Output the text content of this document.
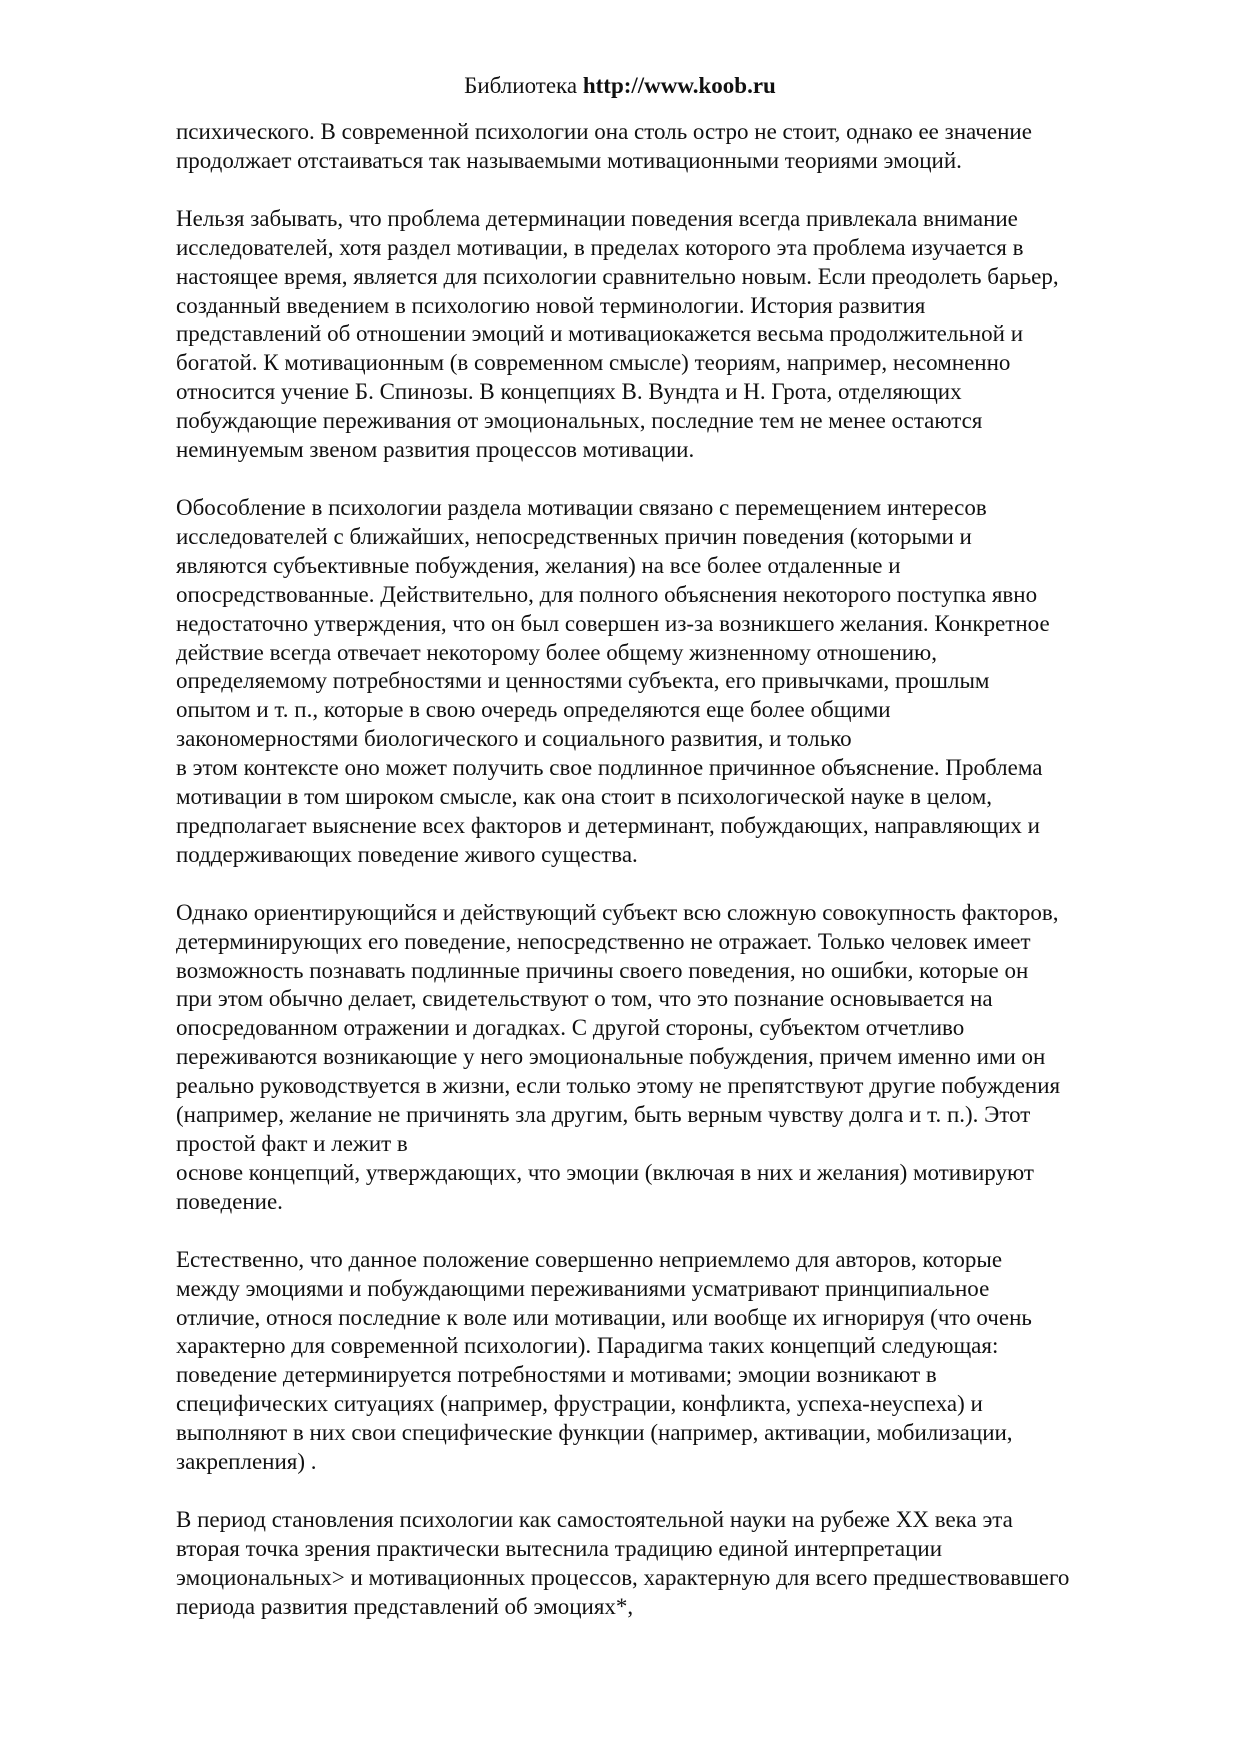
Библиотека http://www.koob.ru
психического. В современной психологии она столь остро не стоит, однако ее значение
продолжает отстаиваться так называемыми мотивационными теориями эмоций.
Нельзя забывать, что проблема детерминации поведения всегда привлекала внимание
исследователей, хотя раздел мотивации, в пределах которого эта проблема изучается в
настоящее время, является для психологии сравнительно новым. Если преодолеть барьер,
созданный введением в психологию новой терминологии. История развития
представлений об отношении эмоций и мотивациокажется весьма продолжительной и
богатой. К мотивационным (в современном смысле) теориям, например, несомненно
относится учение Б. Спинозы. В концепциях В. Вундта и Н. Грота, отделяющих
побуждающие переживания от эмоциональных, последние тем не менее остаются
неминуемым звеном развития процессов мотивации.
Обособление в психологии раздела мотивации связано с перемещением интересов
исследователей с ближайших, непосредственных причин поведения (которыми и
являются субъективные побуждения, желания) на все более отдаленные и
опосредствованные. Действительно, для полного объяснения некоторого поступка явно
недостаточно утверждения, что он был совершен из-за возникшего желания. Конкретное
действие всегда отвечает некоторому более общему жизненному отношению,
определяемому потребностями и ценностями субъекта, его привычками, прошлым
опытом и т. п., которые в свою очередь определяются еще более общими
закономерностями биологического и социального развития, и только
в этом контексте оно может получить свое подлинное причинное объяснение. Проблема
мотивации в том широком смысле, как она стоит в психологической науке в целом,
предполагает выяснение всех факторов и детерминант, побуждающих, направляющих и
поддерживающих поведение живого существа.
Однако ориентирующийся и действующий субъект всю сложную совокупность факторов,
детерминирующих его поведение, непосредственно не отражает. Только человек имеет
возможность познавать подлинные причины своего поведения, но ошибки, которые он
при этом обычно делает, свидетельствуют о том, что это познание основывается на
опосредованном отражении и догадках. С другой стороны, субъектом отчетливо
переживаются возникающие у него эмоциональные побуждения, причем именно ими он
реально руководствуется в жизни, если только этому не препятствуют другие побуждения
(например, желание не причинять зла другим, быть верным чувству долга и т. п.). Этот
простой факт и лежит в
основе концепций, утверждающих, что эмоции (включая в них и желания) мотивируют
поведение.
Естественно, что данное положение совершенно неприемлемо для авторов, которые
между эмоциями и побуждающими переживаниями усматривают принципиальное
отличие, относя последние к воле или мотивации, или вообще их игнорируя (что очень
характерно для современной психологии). Парадигма таких концепций следующая:
поведение детерминируется потребностями и мотивами; эмоции возникают в
специфических ситуациях (например, фрустрации, конфликта, успеха-неуспеха) и
выполняют в них свои специфические функции (например, активации, мобилизации,
закрепления) .
В период становления психологии как самостоятельной науки на рубеже XX века эта
вторая точка зрения практически вытеснила традицию единой интерпретации
эмоциональных> и мотивационных процессов, характерную для всего предшествовавшего
периода развития представлений об эмоциях*,
